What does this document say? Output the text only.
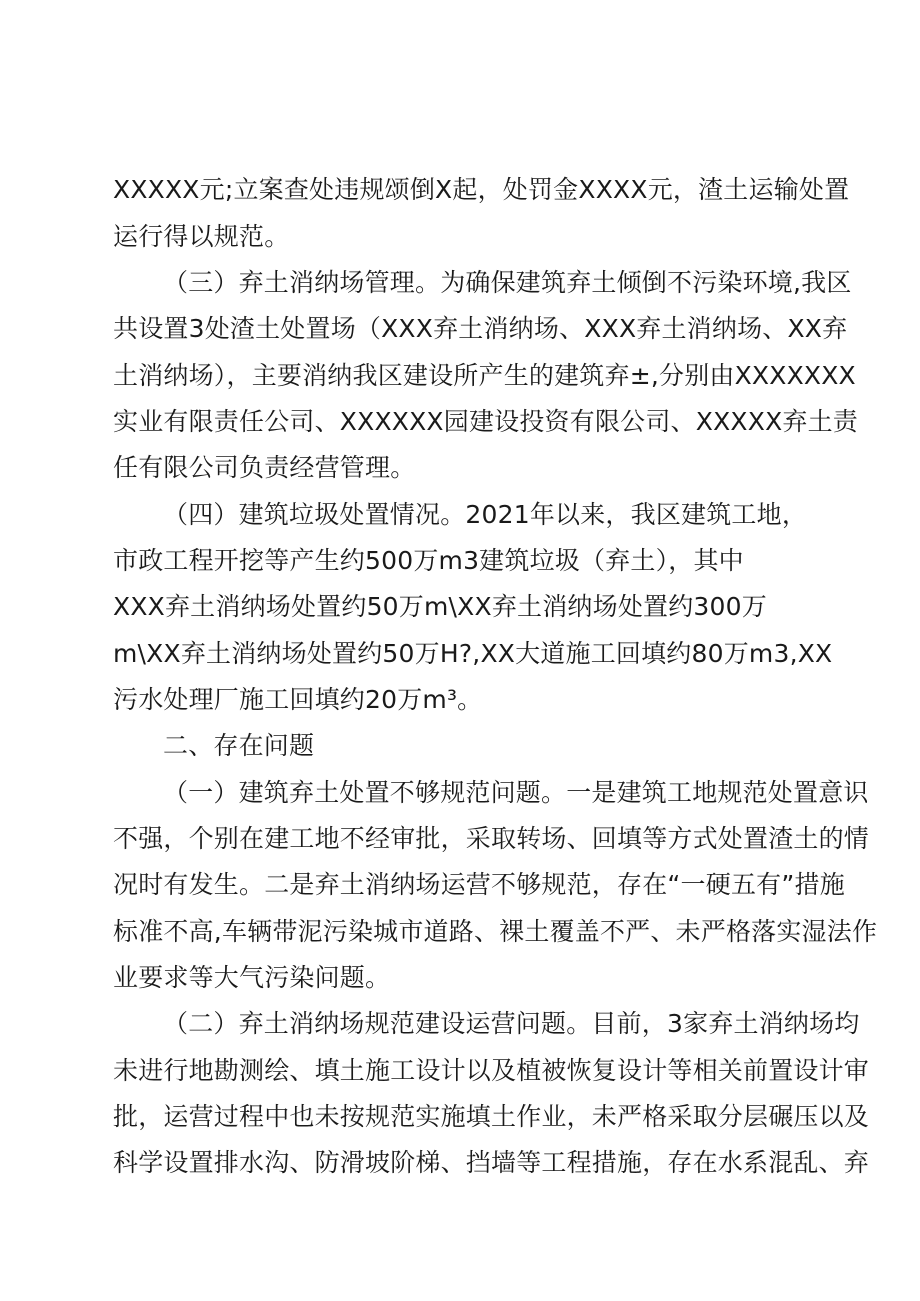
XXXXX元;立案查处违规颂倒X起，处罚金XXXX元，渣土运输处置

运行得以规范。

（三）弃土消纳场管理。为确保建筑弃土倾倒不污染环境,我区

共设置3处渣土处置场（XXX弃土消纳场、XXX弃土消纳场、XX弃

土消纳场），主要消纳我区建设所产生的建筑弃±,分别由XXXXXXX

实业有限责任公司、XXXXXX园建设投资有限公司、XXXXX弃土责

任有限公司负责经营管理。

（四）建筑垃圾处置情况。2021年以来，我区建筑工地，

市政工程开挖等产生约500万m3建筑垃圾（弃土），其中

XXX弃土消纳场处置约50万m\XX弃土消纳场处置约300万

m\XX弃土消纳场处置约50万H?,XX大道施工回填约80万m3,XX

污水处理厂施工回填约20万m³。

二、存在问题

（一）建筑弃土处置不够规范问题。一是建筑工地规范处置意识

不强，个别在建工地不经审批，采取转场、回填等方式处置渣土的情

况时有发生。二是弃土消纳场运营不够规范，存在“一硬五有”措施

标准不高,车辆带泥污染城市道路、裸土覆盖不严、未严格落实湿法作

业要求等大气污染问题。

（二）弃土消纳场规范建设运营问题。目前，3家弃土消纳场均

未进行地勘测绘、填土施工设计以及植被恢复设计等相关前置设计审

批，运营过程中也未按规范实施填土作业，未严格采取分层碾压以及

科学设置排水沟、防滑坡阶梯、挡墙等工程措施，存在水系混乱、弃
